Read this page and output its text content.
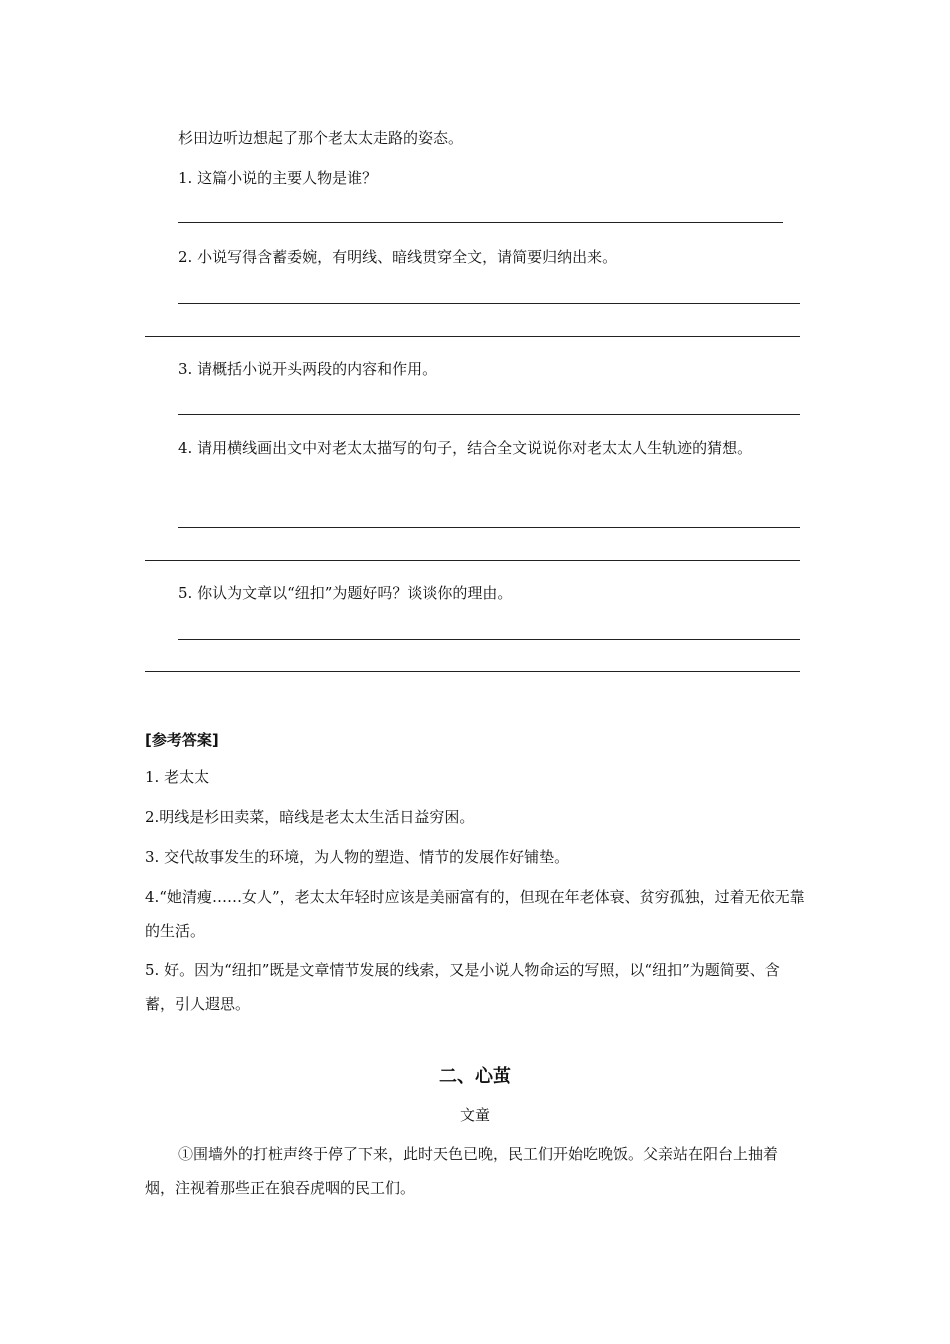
杉田边听边想起了那个老太太走路的姿态。

1. 这篇小说的主要人物是谁？

2. 小说写得含蓄委婉，有明线、暗线贯穿全文，请简要归纳出来。

3. 请概括小说开头两段的内容和作用。

4. 请用横线画出文中对老太太描写的句子，结合全文说说你对老太太人生轨迹的猜想。

5. 你认为文章以“纽扣”为题好吗？谈谈你的理由。

[参考答案]

1. 老太太

2.明线是杉田卖菜，暗线是老太太生活日益穷困。

3. 交代故事发生的环境，为人物的塑造、情节的发展作好铺垫。

4.“她清瘦……女人”，老太太年轻时应该是美丽富有的，但现在年老体衰、贫穷孤独，过着无依无靠的生活。

5. 好。因为“纽扣”既是文章情节发展的线索，又是小说人物命运的写照，以“纽扣”为题简要、含蓄，引人遐思。

二、心茧
文童

①围墙外的打桩声终于停了下来，此时天色已晚，民工们开始吃晚饭。父亲站在阳台上抽着烟，注视着那些正在狼吞虎咽的民工们。
